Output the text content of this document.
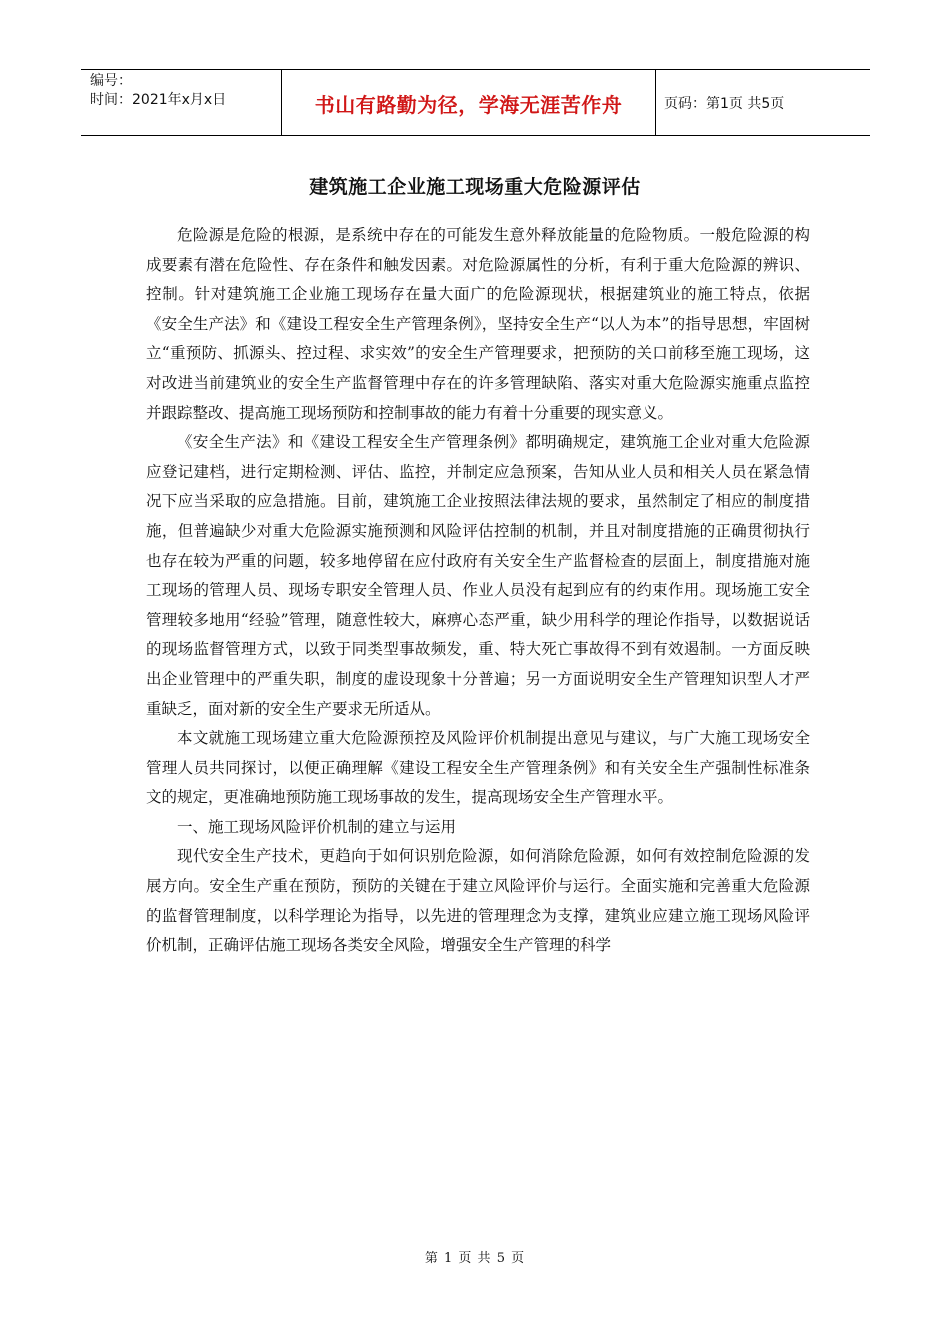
编号：
时间：2021年x月x日	书山有路勤为径，学海无涯苦作舟	页码：第1页 共5页
建筑施工企业施工现场重大危险源评估

危险源是危险的根源，是系统中存在的可能发生意外释放能量的危险物质。一般危险源的构成要素有潜在危险性、存在条件和触发因素。对危险源属性的分析，有利于重大危险源的辨识、控制。针对建筑施工企业施工现场存在量大面广的危险源现状，根据建筑业的施工特点，依据《安全生产法》和《建设工程安全生产管理条例》，坚持安全生产“以人为本”的指导思想，牢固树立“重预防、抓源头、控过程、求实效”的安全生产管理要求，把预防的关口前移至施工现场，这对改进当前建筑业的安全生产监督管理中存在的许多管理缺陷、落实对重大危险源实施重点监控并跟踪整改、提高施工现场预防和控制事故的能力有着十分重要的现实意义。

《安全生产法》和《建设工程安全生产管理条例》都明确规定，建筑施工企业对重大危险源应登记建档，进行定期检测、评估、监控，并制定应急预案，告知从业人员和相关人员在紧急情况下应当采取的应急措施。目前，建筑施工企业按照法律法规的要求，虽然制定了相应的制度措施，但普遍缺少对重大危险源实施预测和风险评估控制的机制，并且对制度措施的正确贯彻执行也存在较为严重的问题，较多地停留在应付政府有关安全生产监督检查的层面上，制度措施对施工现场的管理人员、现场专职安全管理人员、作业人员没有起到应有的约束作用。现场施工安全管理较多地用“经验”管理，随意性较大，麻痹心态严重，缺少用科学的理论作指导，以数据说话的现场监督管理方式，以致于同类型事故频发，重、特大死亡事故得不到有效遏制。一方面反映出企业管理中的严重失职，制度的虚设现象十分普遍；另一方面说明安全生产管理知识型人才严重缺乏，面对新的安全生产要求无所适从。

本文就施工现场建立重大危险源预控及风险评价机制提出意见与建议，与广大施工现场安全管理人员共同探讨，以便正确理解《建设工程安全生产管理条例》和有关安全生产强制性标准条文的规定，更准确地预防施工现场事故的发生，提高现场安全生产管理水平。

一、施工现场风险评价机制的建立与运用

现代安全生产技术，更趋向于如何识别危险源，如何消除危险源，如何有效控制危险源的发展方向。安全生产重在预防，预防的关键在于建立风险评价与运行。全面实施和完善重大危险源的监督管理制度，以科学理论为指导，以先进的管理理念为支撑，建筑业应建立施工现场风险评价机制，正确评估施工现场各类安全风险，增强安全生产管理的科学

第 1 页 共 5 页
